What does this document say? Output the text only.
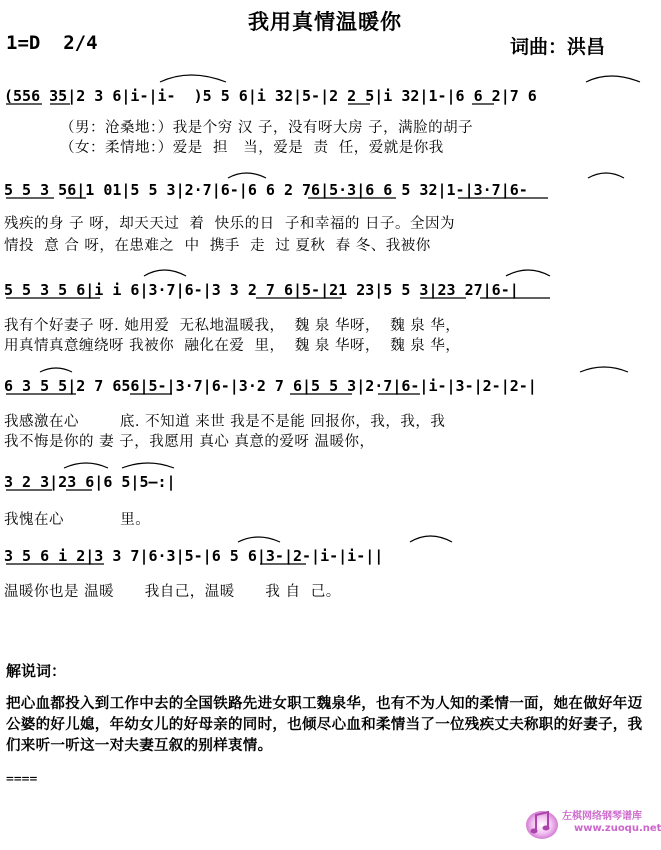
我用真情温暖你
1=D  2/4	词曲：洪昌
(556 35|2 3 6|i-|i-  )5 5 6|i 32|5-|2 2 5|i 32|1-|6 6 2|7 6
（男：沧桑地：）我是个穷 汉 子，没有呀大房 子，满脸的胡子
（女：柔情地：）爱是  担   当，爱是  责  任，爱就是你我
5 5 3 56|1 01|5 5 3|2·7|6-|6 6 2 76|5·3|6 6 5 32|1-|3·7|6-
残疾的身 子 呀，却天天过  着  快乐的日  子和幸福的 日子。全因为
情投  意 合 呀，在患难之  中  携手  走  过 夏秋  春 冬、我被你
5 5 3 5 6|i i 6|3·7|6-|3 3 2 7 6|5-|21 23|5 5 3|23 27|6-|
我有个好妻子 呀. 她用爱  无私地温暖我，  魏 泉 华呀，  魏 泉 华，
用真情真意缠绕呀 我被你  融化在爱  里，  魏 泉 华呀，  魏 泉 华，
6 3 5 5|2 7 656|5-|3·7|6-|3·2 7 6|5 5 3|2·7|6-|i-|3-|2-|2-|
我感激在心        底. 不知道 来世 我是不是能 回报你，我，我，我
我不悔是你的 妻 子，我愿用 真心 真意的爱呀 温暖你，
3 2 3|23 6|6 5|5—:|
我愧在心           里。
3 5 6 i 2|3 3 7|6·3|5-|6 5 6|3-|2-|i-|i-||
温暖你也是 温暖      我自己，温暖      我 自  己。
解说词：
把心血都投入到工作中去的全国铁路先进女职工魏泉华，也有不为人知的柔情一面，她在做好年迈公婆的好儿媳，年幼女儿的好母亲的同时，也倾尽心血和柔情当了一位残疾丈夫称职的好妻子，我们来听一听这一对夫妻互叙的别样衷情。
====
左棋网络钢琴谱库
www.zuoqu.net
